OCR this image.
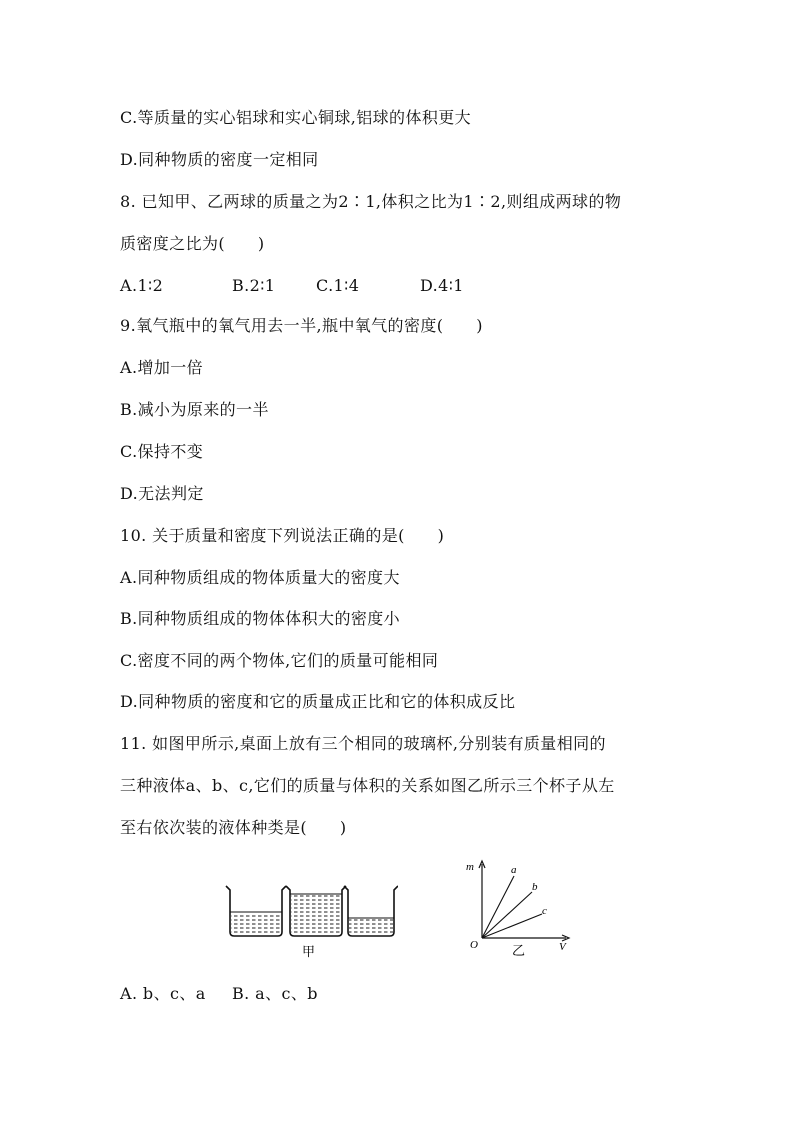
C.等质量的实心铝球和实心铜球,铝球的体积更大
D.同种物质的密度一定相同
8. 已知甲、乙两球的质量之为2∶1,体积之比为1∶2,则组成两球的物
质密度之比为(　　)
A.1∶2	B.2∶1	C.1∶4	D.4∶1
9.氧气瓶中的氧气用去一半,瓶中氧气的密度(　　)
A.增加一倍
B.减小为原来的一半
C.保持不变
D.无法判定
10. 关于质量和密度下列说法正确的是(　　)
A.同种物质组成的物体质量大的密度大
B.同种物质组成的物体体积大的密度小
C.密度不同的两个物体,它们的质量可能相同
D.同种物质的密度和它的质量成正比和它的体积成反比
11. 如图甲所示,桌面上放有三个相同的玻璃杯,分别装有质量相同的
三种液体a、b、c,它们的质量与体积的关系如图乙所示三个杯子从左
至右依次装的液体种类是(　　)
甲
m	a
b
c
O	乙	V
A. b、c、a B. a、c、b
